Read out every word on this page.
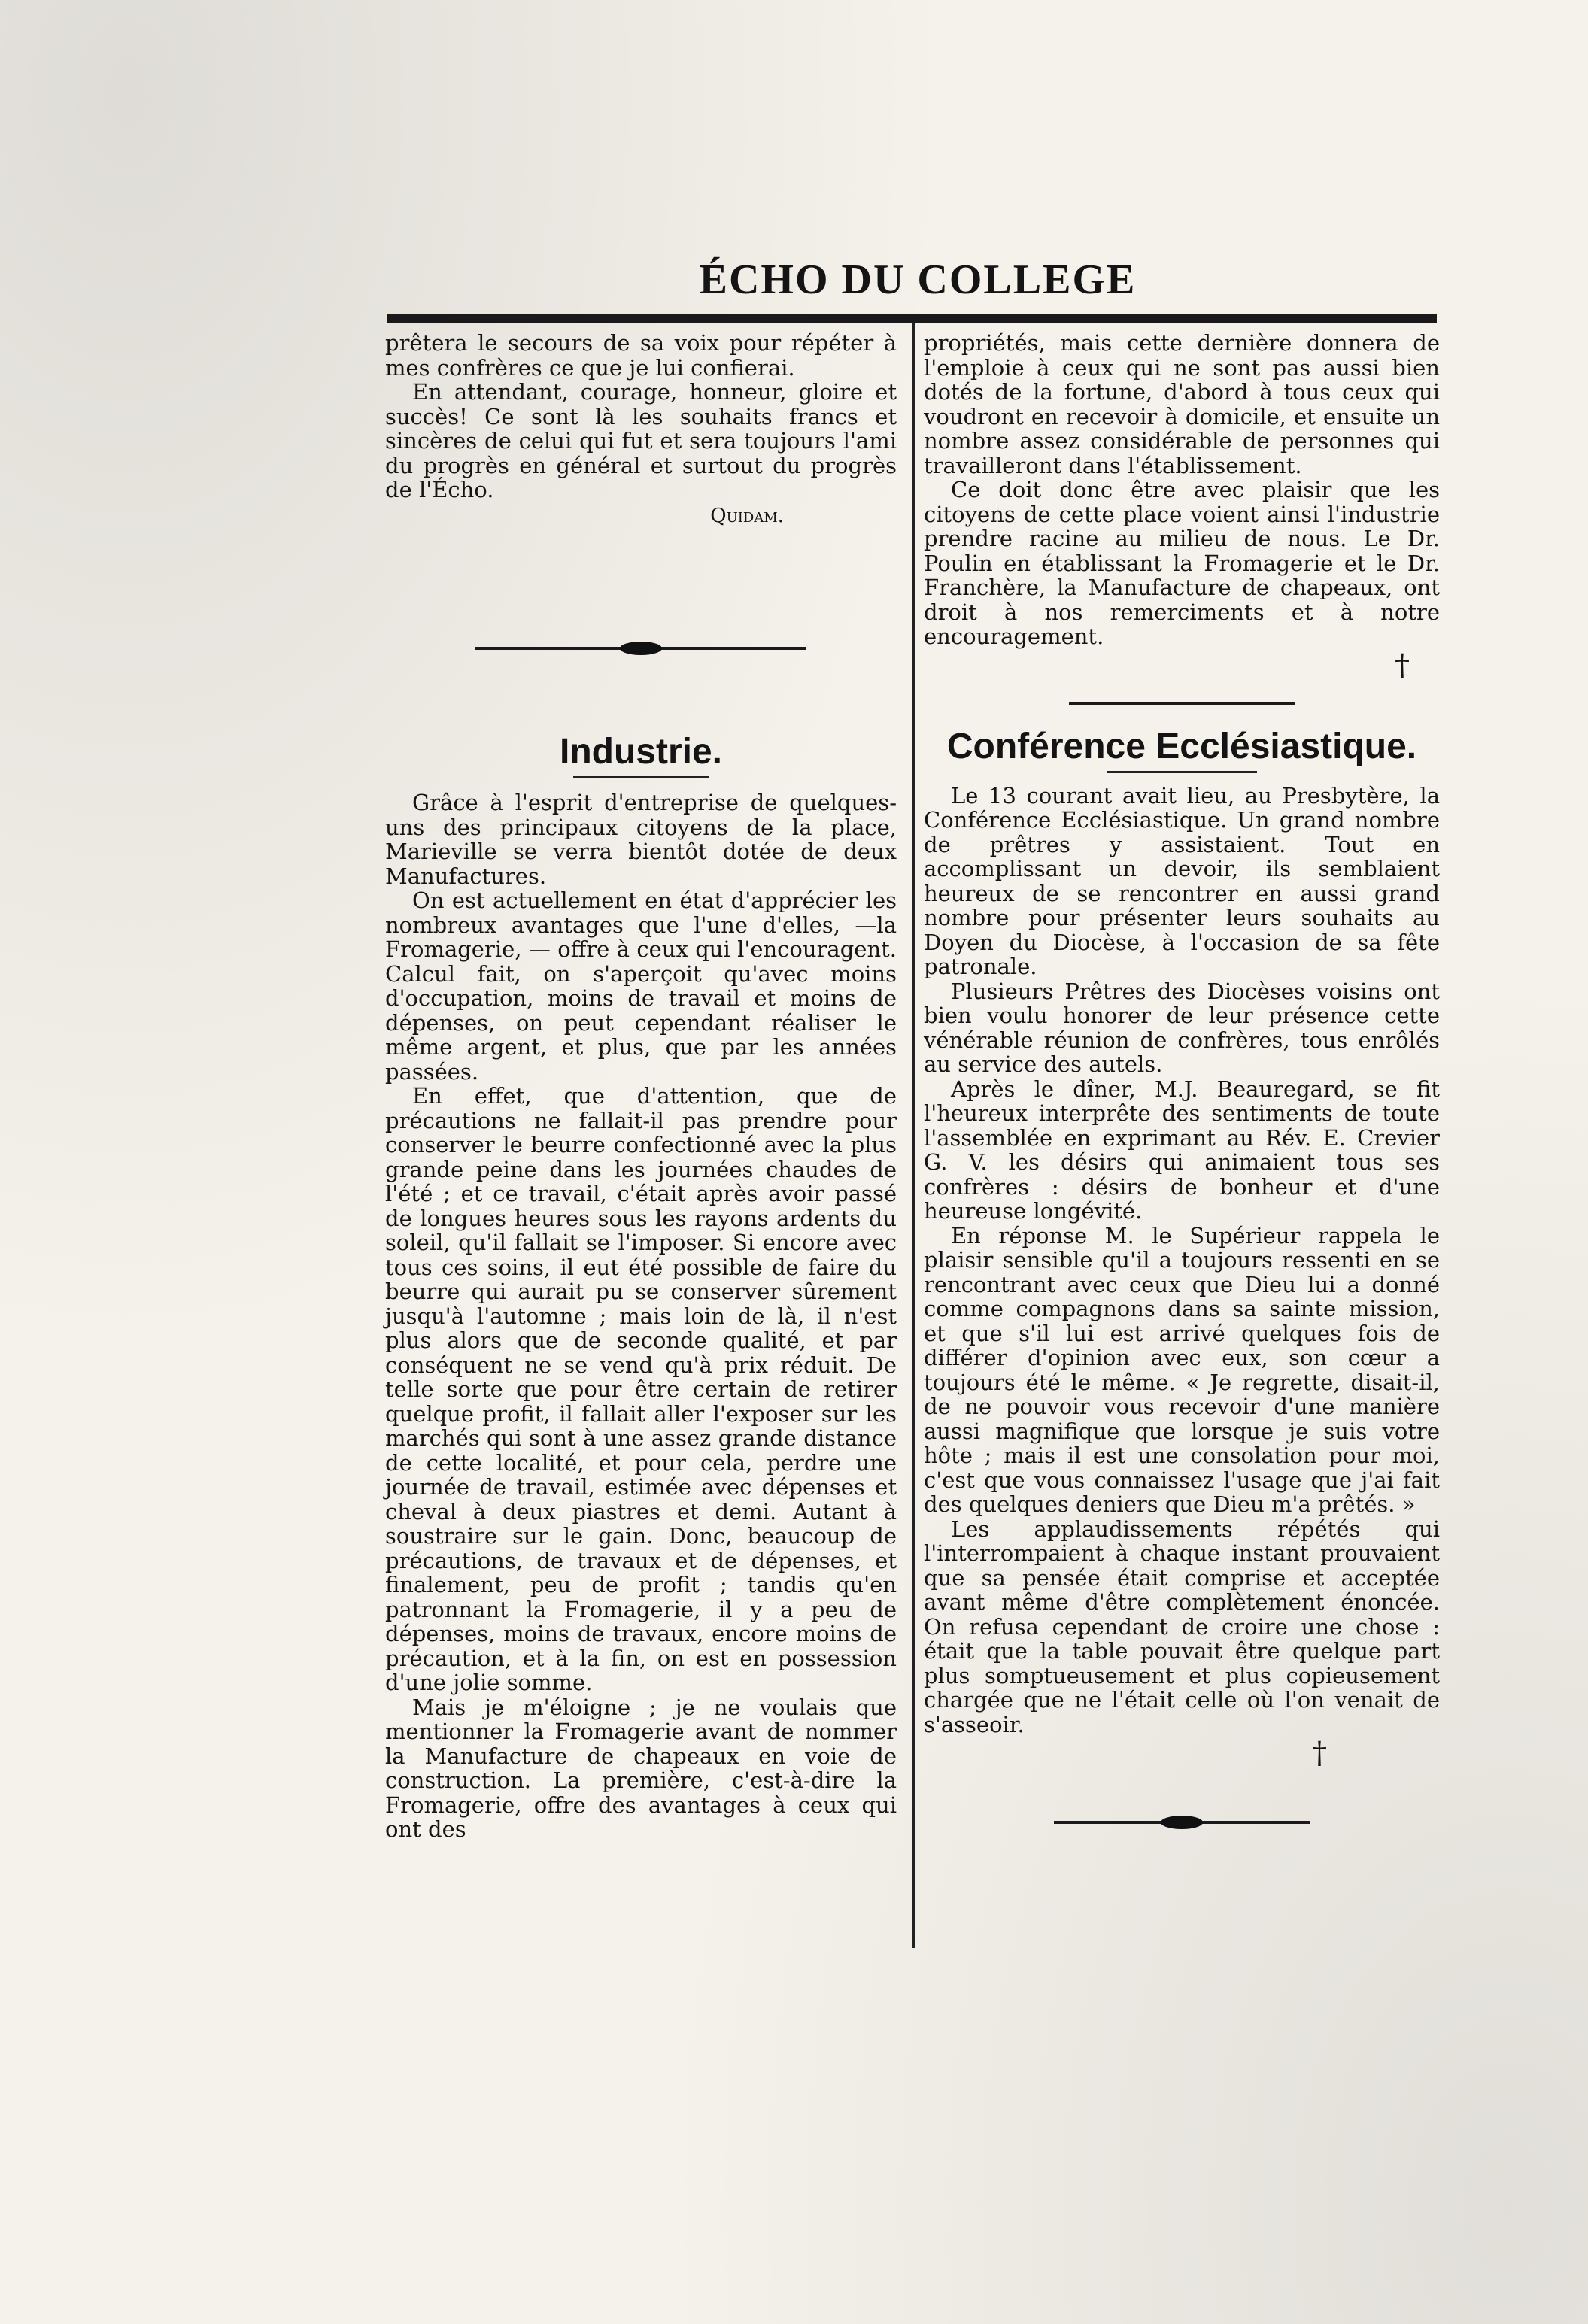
ÉCHO DU COLLEGE

prêtera le secours de sa voix pour répéter à mes confrères ce que je lui confierai.

En attendant, courage, honneur, gloire et succès! Ce sont là les souhaits francs et sincères de celui qui fut et sera toujours l'ami du progrès en général et surtout du progrès de l'Écho.

Quidam.
Industrie.

Grâce à l'esprit d'entreprise de quelques-uns des principaux citoyens de la place, Marieville se verra bientôt dotée de deux Manufactures.

On est actuellement en état d'apprécier les nombreux avantages que l'une d'elles, —la Fromagerie, — offre à ceux qui l'encouragent. Calcul fait, on s'aperçoit qu'avec moins d'occupation, moins de travail et moins de dépenses, on peut cependant réaliser le même argent, et plus, que par les années passées.

En effet, que d'attention, que de précautions ne fallait-il pas prendre pour conserver le beurre confectionné avec la plus grande peine dans les journées chaudes de l'été ; et ce travail, c'était après avoir passé de longues heures sous les rayons ardents du soleil, qu'il fallait se l'imposer. Si encore avec tous ces soins, il eut été possible de faire du beurre qui aurait pu se conserver sûrement jusqu'à l'automne ; mais loin de là, il n'est plus alors que de seconde qualité, et par conséquent ne se vend qu'à prix réduit. De telle sorte que pour être certain de retirer quelque profit, il fallait aller l'exposer sur les marchés qui sont à une assez grande distance de cette localité, et pour cela, perdre une journée de travail, estimée avec dépenses et cheval à deux piastres et demi. Autant à soustraire sur le gain. Donc, beaucoup de précautions, de travaux et de dépenses, et finalement, peu de profit ; tandis qu'en patronnant la Fromagerie, il y a peu de dépenses, moins de travaux, encore moins de précaution, et à la fin, on est en possession d'une jolie somme.

Mais je m'éloigne ; je ne voulais que mentionner la Fromagerie avant de nommer la Manufacture de chapeaux en voie de construction. La première, c'est-à-dire la Fromagerie, offre des avantages à ceux qui ont des

propriétés, mais cette dernière donnera de l'emploie à ceux qui ne sont pas aussi bien dotés de la fortune, d'abord à tous ceux qui voudront en recevoir à domicile, et ensuite un nombre assez considérable de personnes qui travailleront dans l'établissement.

Ce doit donc être avec plaisir que les citoyens de cette place voient ainsi l'industrie prendre racine au milieu de nous. Le Dr. Poulin en établissant la Fromagerie et le Dr. Franchère, la Manufacture de chapeaux, ont droit à nos remerciments et à notre encouragement.

†
Conférence Ecclésiastique.

Le 13 courant avait lieu, au Presbytère, la Conférence Ecclésiastique. Un grand nombre de prêtres y assistaient. Tout en accomplissant un devoir, ils semblaient heureux de se rencontrer en aussi grand nombre pour présenter leurs souhaits au Doyen du Diocèse, à l'occasion de sa fête patronale.

Plusieurs Prêtres des Diocèses voisins ont bien voulu honorer de leur présence cette vénérable réunion de confrères, tous enrôlés au service des autels.

Après le dîner, M.J. Beauregard, se fit l'heureux interprête des sentiments de toute l'assemblée en exprimant au Rév. E. Crevier G. V. les désirs qui animaient tous ses confrères : désirs de bonheur et d'une heureuse longévité.

En réponse M. le Supérieur rappela le plaisir sensible qu'il a toujours ressenti en se rencontrant avec ceux que Dieu lui a donné comme compagnons dans sa sainte mission, et que s'il lui est arrivé quelques fois de différer d'opinion avec eux, son cœur a toujours été le même. « Je regrette, disait-il, de ne pouvoir vous recevoir d'une manière aussi magnifique que lorsque je suis votre hôte ; mais il est une consolation pour moi, c'est que vous connaissez l'usage que j'ai fait des quelques deniers que Dieu m'a prêtés. »

Les applaudissements répétés qui l'interrompaient à chaque instant prouvaient que sa pensée était comprise et acceptée avant même d'être complètement énoncée. On refusa cependant de croire une chose : était que la table pouvait être quelque part plus somptueusement et plus copieusement chargée que ne l'était celle où l'on venait de s'asseoir.

†
